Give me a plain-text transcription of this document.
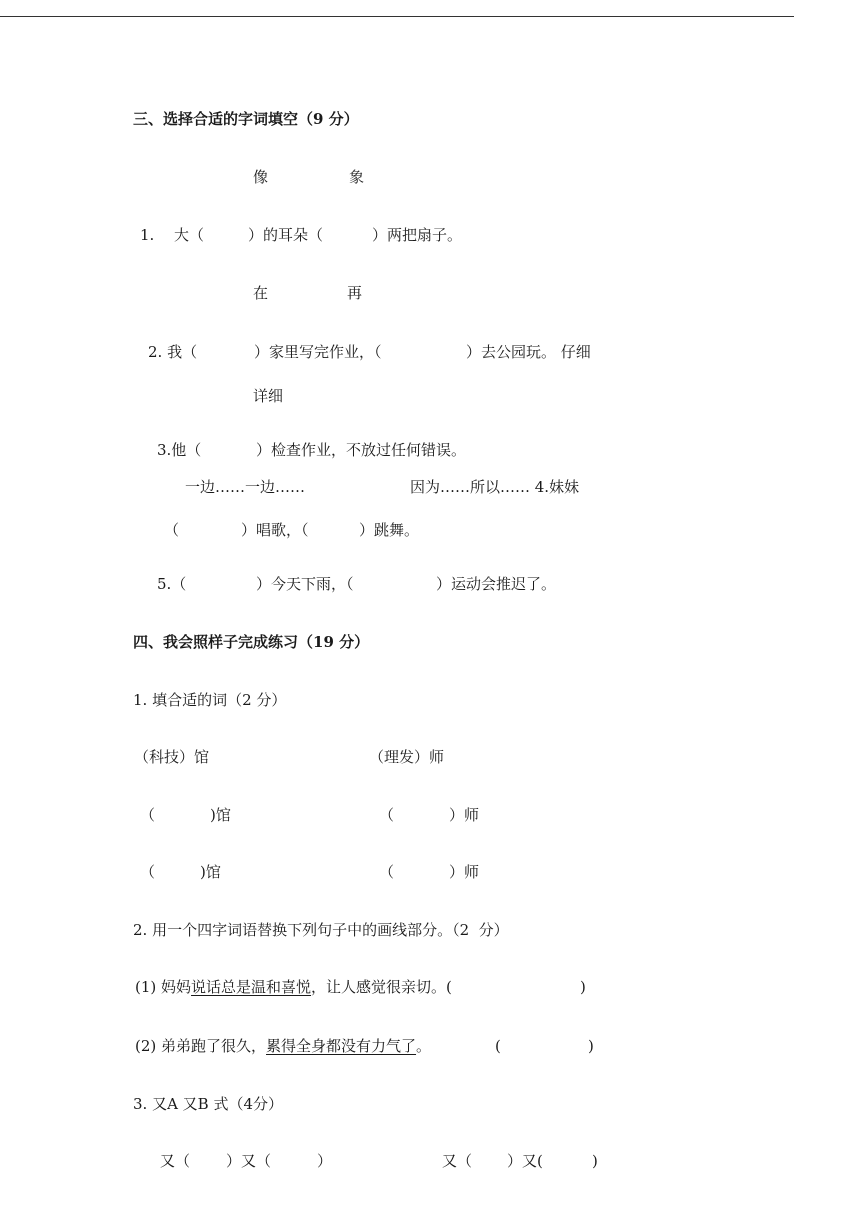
三、选择合适的字词填空（9 分）
像	象
1. 大（	）的耳朵（	）两把扇子。
在	再
2. 我（	）家里写完作业，（	）去公园玩。 仔细
详细
3.他（	）检查作业，不放过任何错误。
一边……一边……	因为……所以…… 4.妹妹
（	）唱歌，（	）跳舞。
5.（	）今天下雨，（	）运动会推迟了。
四、我会照样子完成练习（19 分）
1. 填合适的词（2 分）
（科技）馆	（理发）师
（	)馆	（	）师
（	)馆	（	）师
2. 用一个四字词语替换下列句子中的画线部分。（2  分）
(1) 妈妈说话总是温和喜悦，让人感觉很亲切。(	)
(2) 弟弟跑了很久，累得全身都没有力气了。	(	)
3. 又A 又B 式（4分）
又（ ）又（	）	又（ ）又(	)
